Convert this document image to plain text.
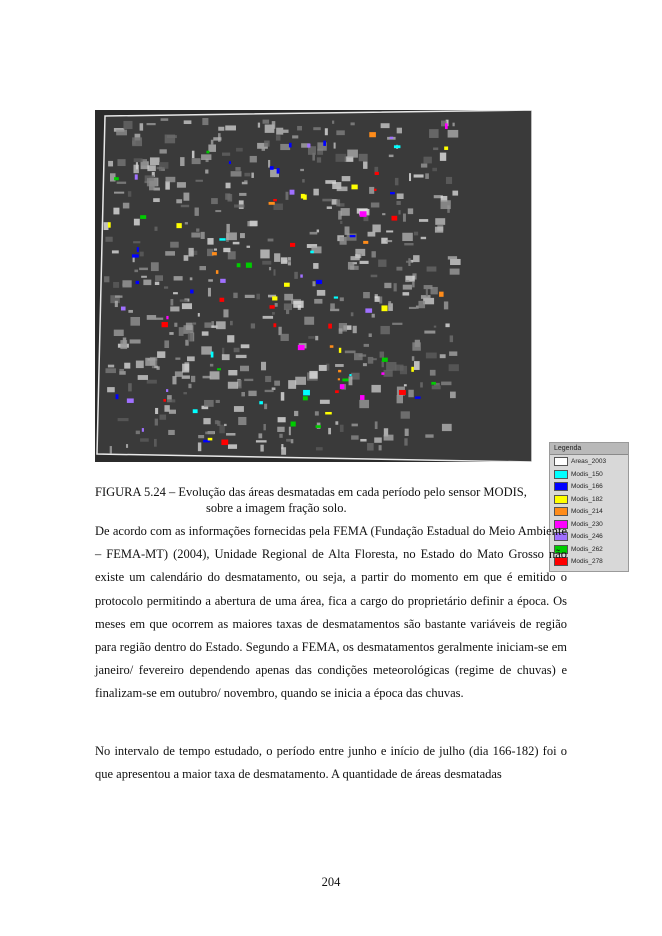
Legenda
Areas_2003
Modis_150
Modis_166
Modis_182
Modis_214
Modis_230
Modis_246
Modis_262
Modis_278
FIGURA 5.24 – Evolução das áreas desmatadas em cada período pelo sensor MODIS,
sobre a imagem fração solo.

De acordo com as informações fornecidas pela FEMA (Fundação Estadual do Meio Ambiente – FEMA-MT) (2004), Unidade Regional de Alta Floresta, no Estado do Mato Grosso não existe um calendário do desmatamento, ou seja, a partir do momento em que é emitido o protocolo permitindo a abertura de uma área, fica a cargo do proprietário definir a época. Os meses em que ocorrem as maiores taxas de desmatamentos são bastante variáveis de região para região dentro do Estado. Segundo a FEMA, os desmatamentos geralmente iniciam-se em janeiro/ fevereiro dependendo apenas das condições meteorológicas (regime de chuvas) e finalizam-se em outubro/ novembro, quando se inicia a época das chuvas.

No intervalo de tempo estudado, o período entre junho e início de julho (dia 166-182) foi o que apresentou a maior taxa de desmatamento. A quantidade de áreas desmatadas

204
